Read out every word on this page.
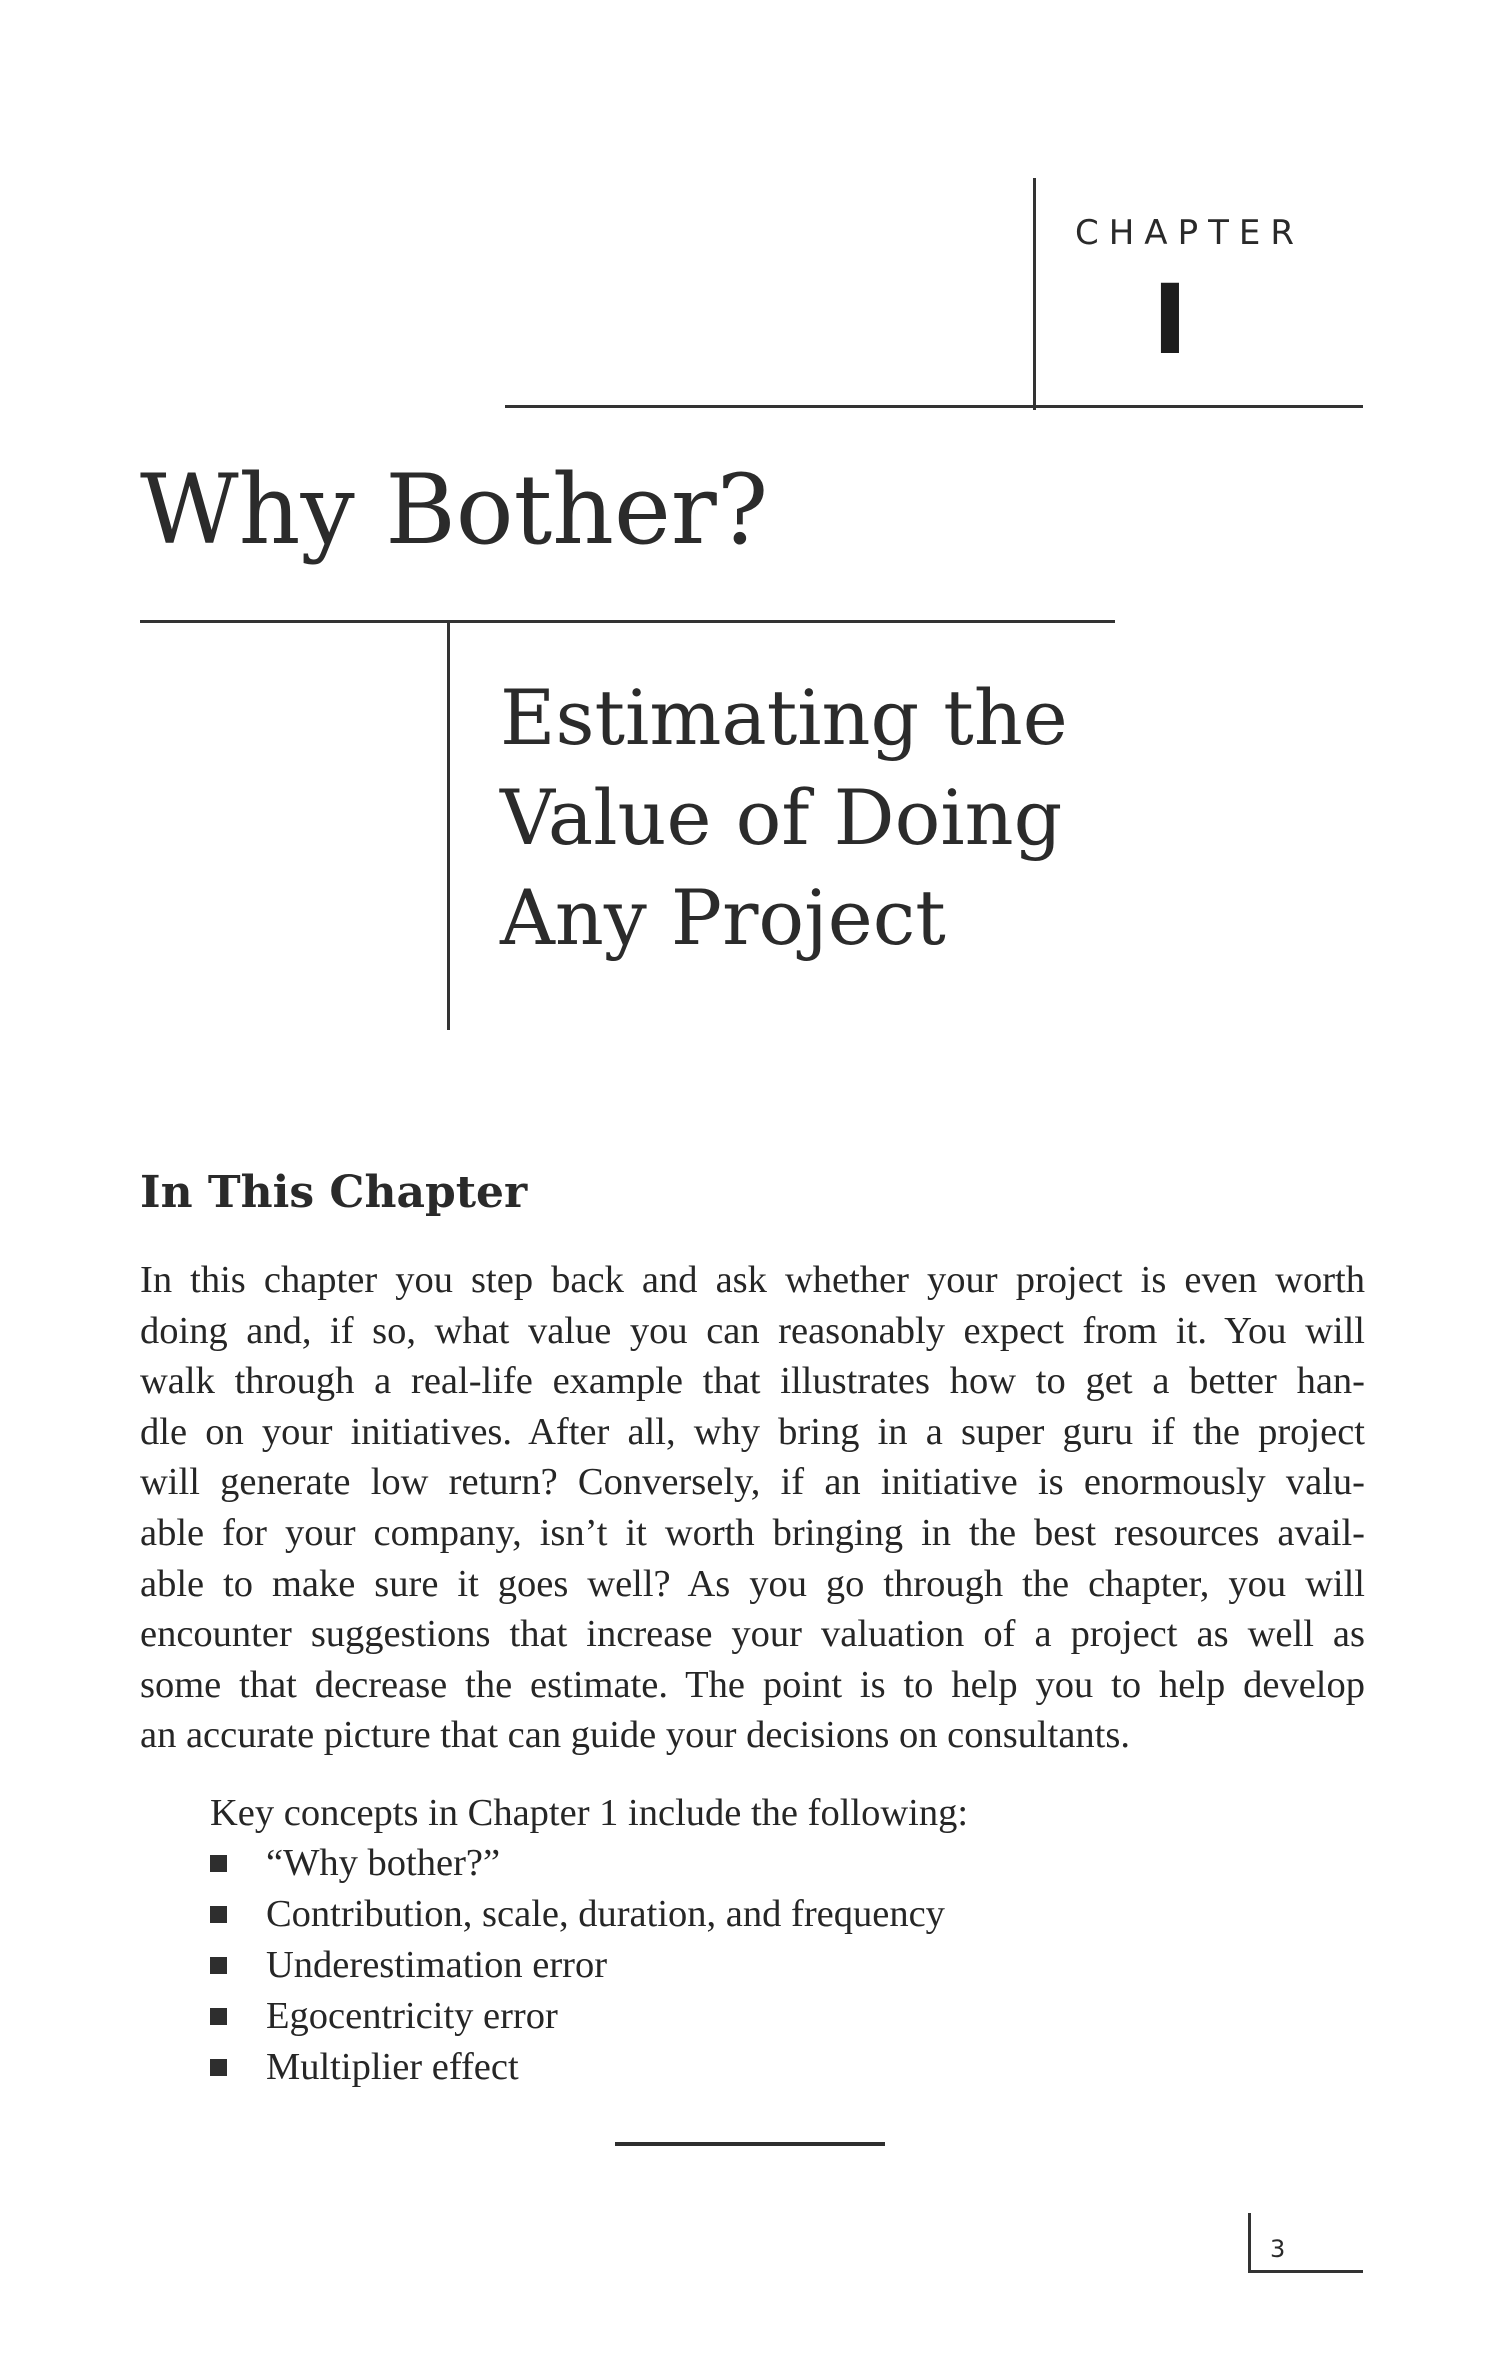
CHAPTER
I
Why Bother?
Estimating the
Value of Doing
Any Project
In This Chapter
In this chapter you step back and ask whether your project is even worth
doing and, if so, what value you can reasonably expect from it. You will
walk through a real-life example that illustrates how to get a better han-
dle on your initiatives. After all, why bring in a super guru if the project
will generate low return? Conversely, if an initiative is enormously valu-
able for your company, isn’t it worth bringing in the best resources avail-
able to make sure it goes well? As you go through the chapter, you will
encounter suggestions that increase your valuation of a project as well as
some that decrease the estimate. The point is to help you to help develop
an accurate picture that can guide your decisions on consultants.
Key concepts in Chapter 1 include the following:
“Why bother?”
Contribution, scale, duration, and frequency
Underestimation error
Egocentricity error
Multiplier effect
3
